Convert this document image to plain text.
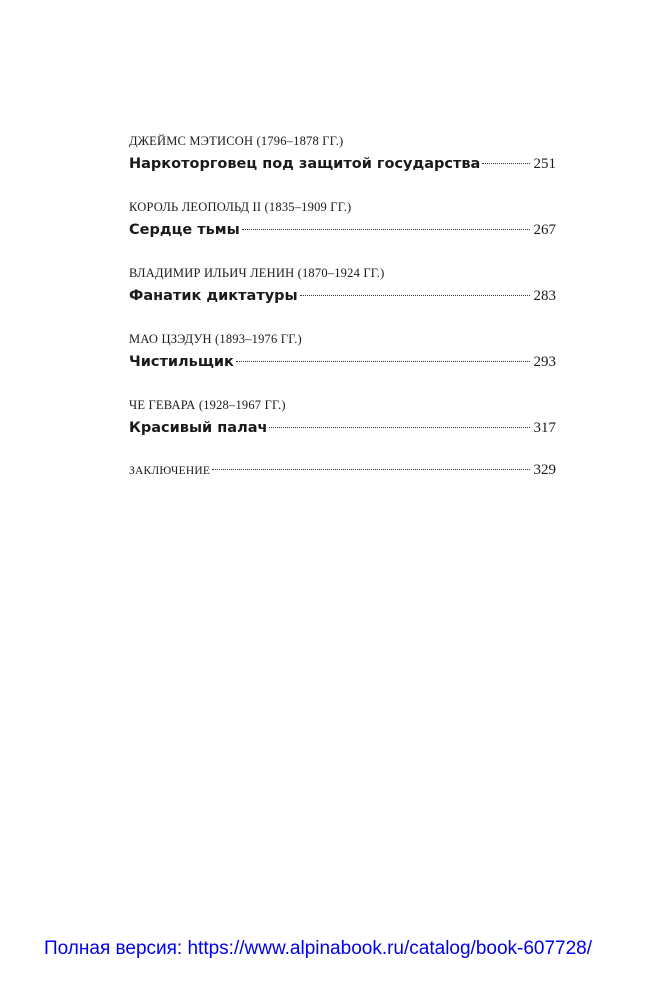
ДЖЕЙМС МЭТИСОН (1796–1878 ГГ.)
Наркоторговец под защитой государства	251
КОРОЛЬ ЛЕОПОЛЬД II (1835–1909 ГГ.)
Сердце тьмы	267
ВЛАДИМИР ИЛЬИЧ ЛЕНИН (1870–1924 ГГ.)
Фанатик диктатуры	283
МАО ЦЗЭДУН (1893–1976 ГГ.)
Чистильщик	293
ЧЕ ГЕВАРА (1928–1967 ГГ.)
Красивый палач	317
ЗАКЛЮЧЕНИЕ	329
Полная версия: https://www.alpinabook.ru/catalog/book-607728/
